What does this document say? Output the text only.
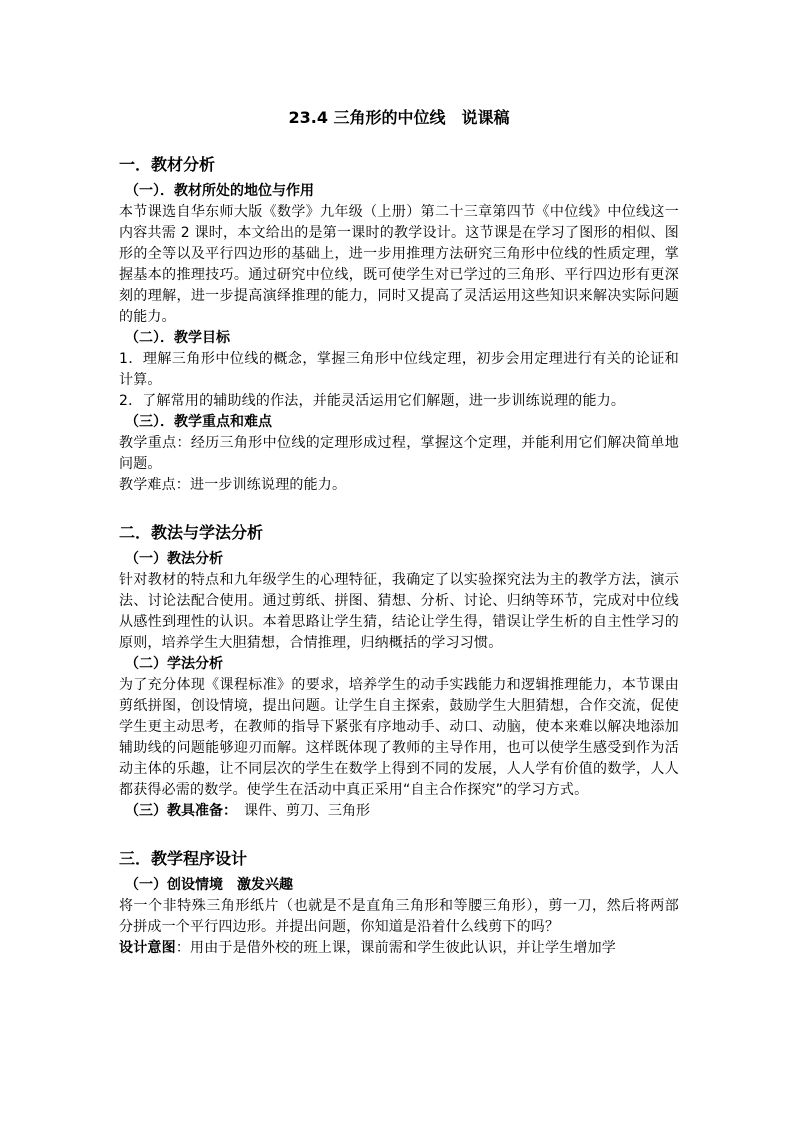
23.4 三角形的中位线　说课稿
一．教材分析
（一）．教材所处的地位与作用

本节课选自华东师大版《数学》九年级（上册）第二十三章第四节《中位线》中位线这一内容共需 2 课时，本文给出的是第一课时的教学设计。这节课是在学习了图形的相似、图形的全等以及平行四边形的基础上，进一步用推理方法研究三角形中位线的性质定理，掌握基本的推理技巧。通过研究中位线，既可使学生对已学过的三角形、平行四边形有更深刻的理解，进一步提高演绎推理的能力，同时又提高了灵活运用这些知识来解决实际问题的能力。

（二）．教学目标

1．理解三角形中位线的概念，掌握三角形中位线定理，初步会用定理进行有关的论证和计算。

2．了解常用的辅助线的作法，并能灵活运用它们解题，进一步训练说理的能力。

（三）．教学重点和难点

教学重点：经历三角形中位线的定理形成过程，掌握这个定理，并能利用它们解决简单地问题。

教学难点：进一步训练说理的能力。

二．教法与学法分析
（一）教法分析

针对教材的特点和九年级学生的心理特征，我确定了以实验探究法为主的教学方法，演示法、讨论法配合使用。通过剪纸、拼图、猜想、分析、讨论、归纳等环节，完成对中位线从感性到理性的认识。本着思路让学生猜，结论让学生得，错误让学生析的自主性学习的原则，培养学生大胆猜想，合情推理，归纳概括的学习习惯。

（二）学法分析

为了充分体现《课程标准》的要求，培养学生的动手实践能力和逻辑推理能力，本节课由剪纸拼图，创设情境，提出问题。让学生自主探索，鼓励学生大胆猜想，合作交流，促使学生更主动思考，在教师的指导下紧张有序地动手、动口、动脑，使本来难以解决地添加辅助线的问题能够迎刃而解。这样既体现了教师的主导作用，也可以使学生感受到作为活动主体的乐趣，让不同层次的学生在数学上得到不同的发展，人人学有价值的数学，人人都获得必需的数学。使学生在活动中真正采用“自主合作探究”的学习方式。

（三）教具准备：　课件、剪刀、三角形
三．教学程序设计
（一）创设情境　激发兴趣

将一个非特殊三角形纸片（也就是不是直角三角形和等腰三角形），剪一刀，然后将两部分拼成一个平行四边形。并提出问题，你知道是沿着什么线剪下的吗？

设计意图：用由于是借外校的班上课，课前需和学生彼此认识，并让学生增加学
